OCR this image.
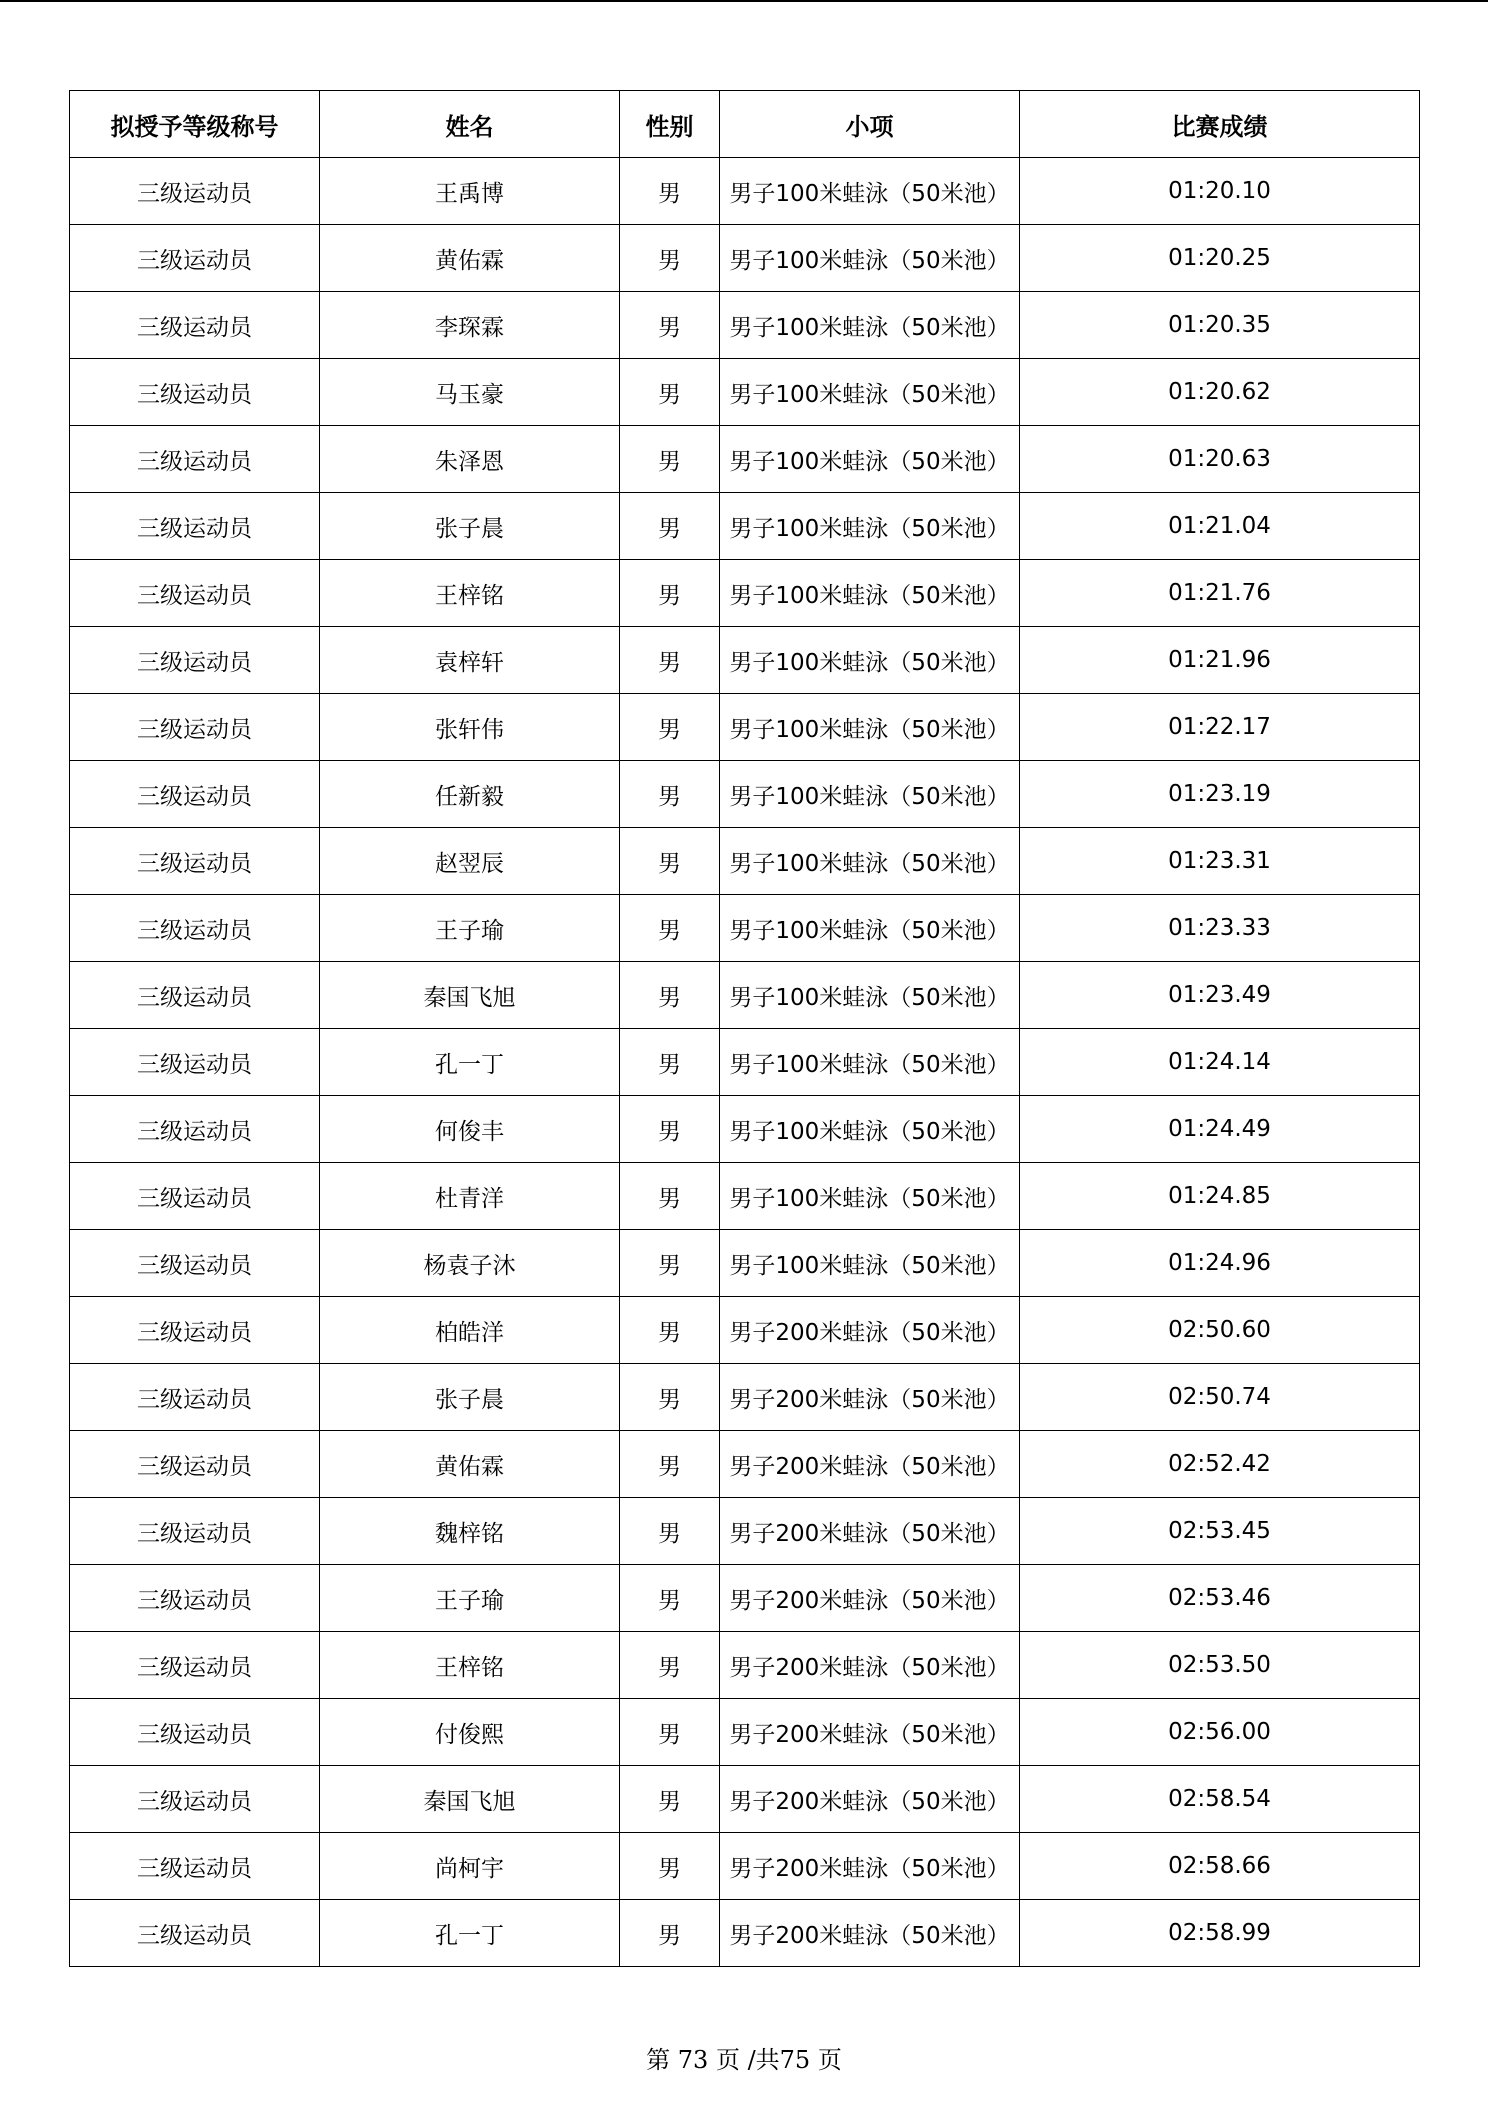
拟授予等级称号	姓名	性别	小项	比赛成绩
三级运动员	王禹博	男	男子100米蛙泳（50米池）	01:20.10
三级运动员	黄佑霖	男	男子100米蛙泳（50米池）	01:20.25
三级运动员	李琛霖	男	男子100米蛙泳（50米池）	01:20.35
三级运动员	马玉豪	男	男子100米蛙泳（50米池）	01:20.62
三级运动员	朱泽恩	男	男子100米蛙泳（50米池）	01:20.63
三级运动员	张子晨	男	男子100米蛙泳（50米池）	01:21.04
三级运动员	王梓铭	男	男子100米蛙泳（50米池）	01:21.76
三级运动员	袁梓轩	男	男子100米蛙泳（50米池）	01:21.96
三级运动员	张轩伟	男	男子100米蛙泳（50米池）	01:22.17
三级运动员	任新毅	男	男子100米蛙泳（50米池）	01:23.19
三级运动员	赵翌辰	男	男子100米蛙泳（50米池）	01:23.31
三级运动员	王子瑜	男	男子100米蛙泳（50米池）	01:23.33
三级运动员	秦国飞旭	男	男子100米蛙泳（50米池）	01:23.49
三级运动员	孔一丁	男	男子100米蛙泳（50米池）	01:24.14
三级运动员	何俊丰	男	男子100米蛙泳（50米池）	01:24.49
三级运动员	杜青洋	男	男子100米蛙泳（50米池）	01:24.85
三级运动员	杨袁子沐	男	男子100米蛙泳（50米池）	01:24.96
三级运动员	柏皓洋	男	男子200米蛙泳（50米池）	02:50.60
三级运动员	张子晨	男	男子200米蛙泳（50米池）	02:50.74
三级运动员	黄佑霖	男	男子200米蛙泳（50米池）	02:52.42
三级运动员	魏梓铭	男	男子200米蛙泳（50米池）	02:53.45
三级运动员	王子瑜	男	男子200米蛙泳（50米池）	02:53.46
三级运动员	王梓铭	男	男子200米蛙泳（50米池）	02:53.50
三级运动员	付俊熙	男	男子200米蛙泳（50米池）	02:56.00
三级运动员	秦国飞旭	男	男子200米蛙泳（50米池）	02:58.54
三级运动员	尚柯宇	男	男子200米蛙泳（50米池）	02:58.66
三级运动员	孔一丁	男	男子200米蛙泳（50米池）	02:58.99
第 73 页 /共75 页
